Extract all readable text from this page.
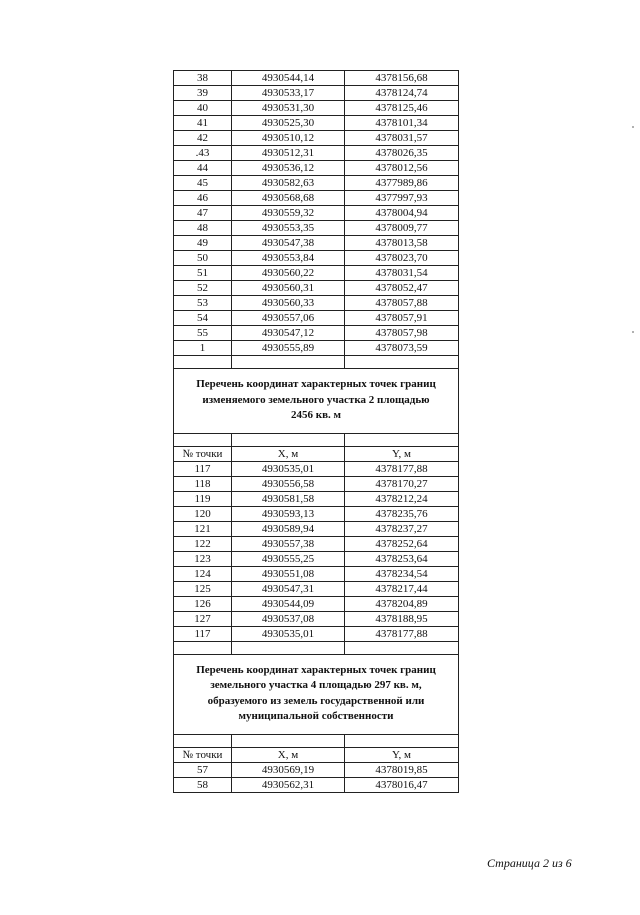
38	4930544,14	4378156,68
39	4930533,17	4378124,74
40	4930531,30	4378125,46
41	4930525,30	4378101,34
42	4930510,12	4378031,57
.43	4930512,31	4378026,35
44	4930536,12	4378012,56
45	4930582,63	4377989,86
46	4930568,68	4377997,93
47	4930559,32	4378004,94
48	4930553,35	4378009,77
49	4930547,38	4378013,58
50	4930553,84	4378023,70
51	4930560,22	4378031,54
52	4930560,31	4378052,47
53	4930560,33	4378057,88
54	4930557,06	4378057,91
55	4930547,12	4378057,98
1	4930555,89	4378073,59

Перечень координат характерных точек границ
изменяемого земельного участка 2 площадью
2456 кв. м		

№ точки	X, м	Y, м
117	4930535,01	4378177,88
118	4930556,58	4378170,27
119	4930581,58	4378212,24
120	4930593,13	4378235,76
121	4930589,94	4378237,27
122	4930557,38	4378252,64
123	4930555,25	4378253,64
124	4930551,08	4378234,54
125	4930547,31	4378217,44
126	4930544,09	4378204,89
127	4930537,08	4378188,95
117	4930535,01	4378177,88

Перечень координат характерных точек границ
земельного участка 4 площадью 297 кв. м,
образуемого из земель государственной или
муниципальной собственности		

№ точки	X, м	Y, м
57	4930569,19	4378019,85
58	4930562,31	4378016,47
Страница 2 из 6
